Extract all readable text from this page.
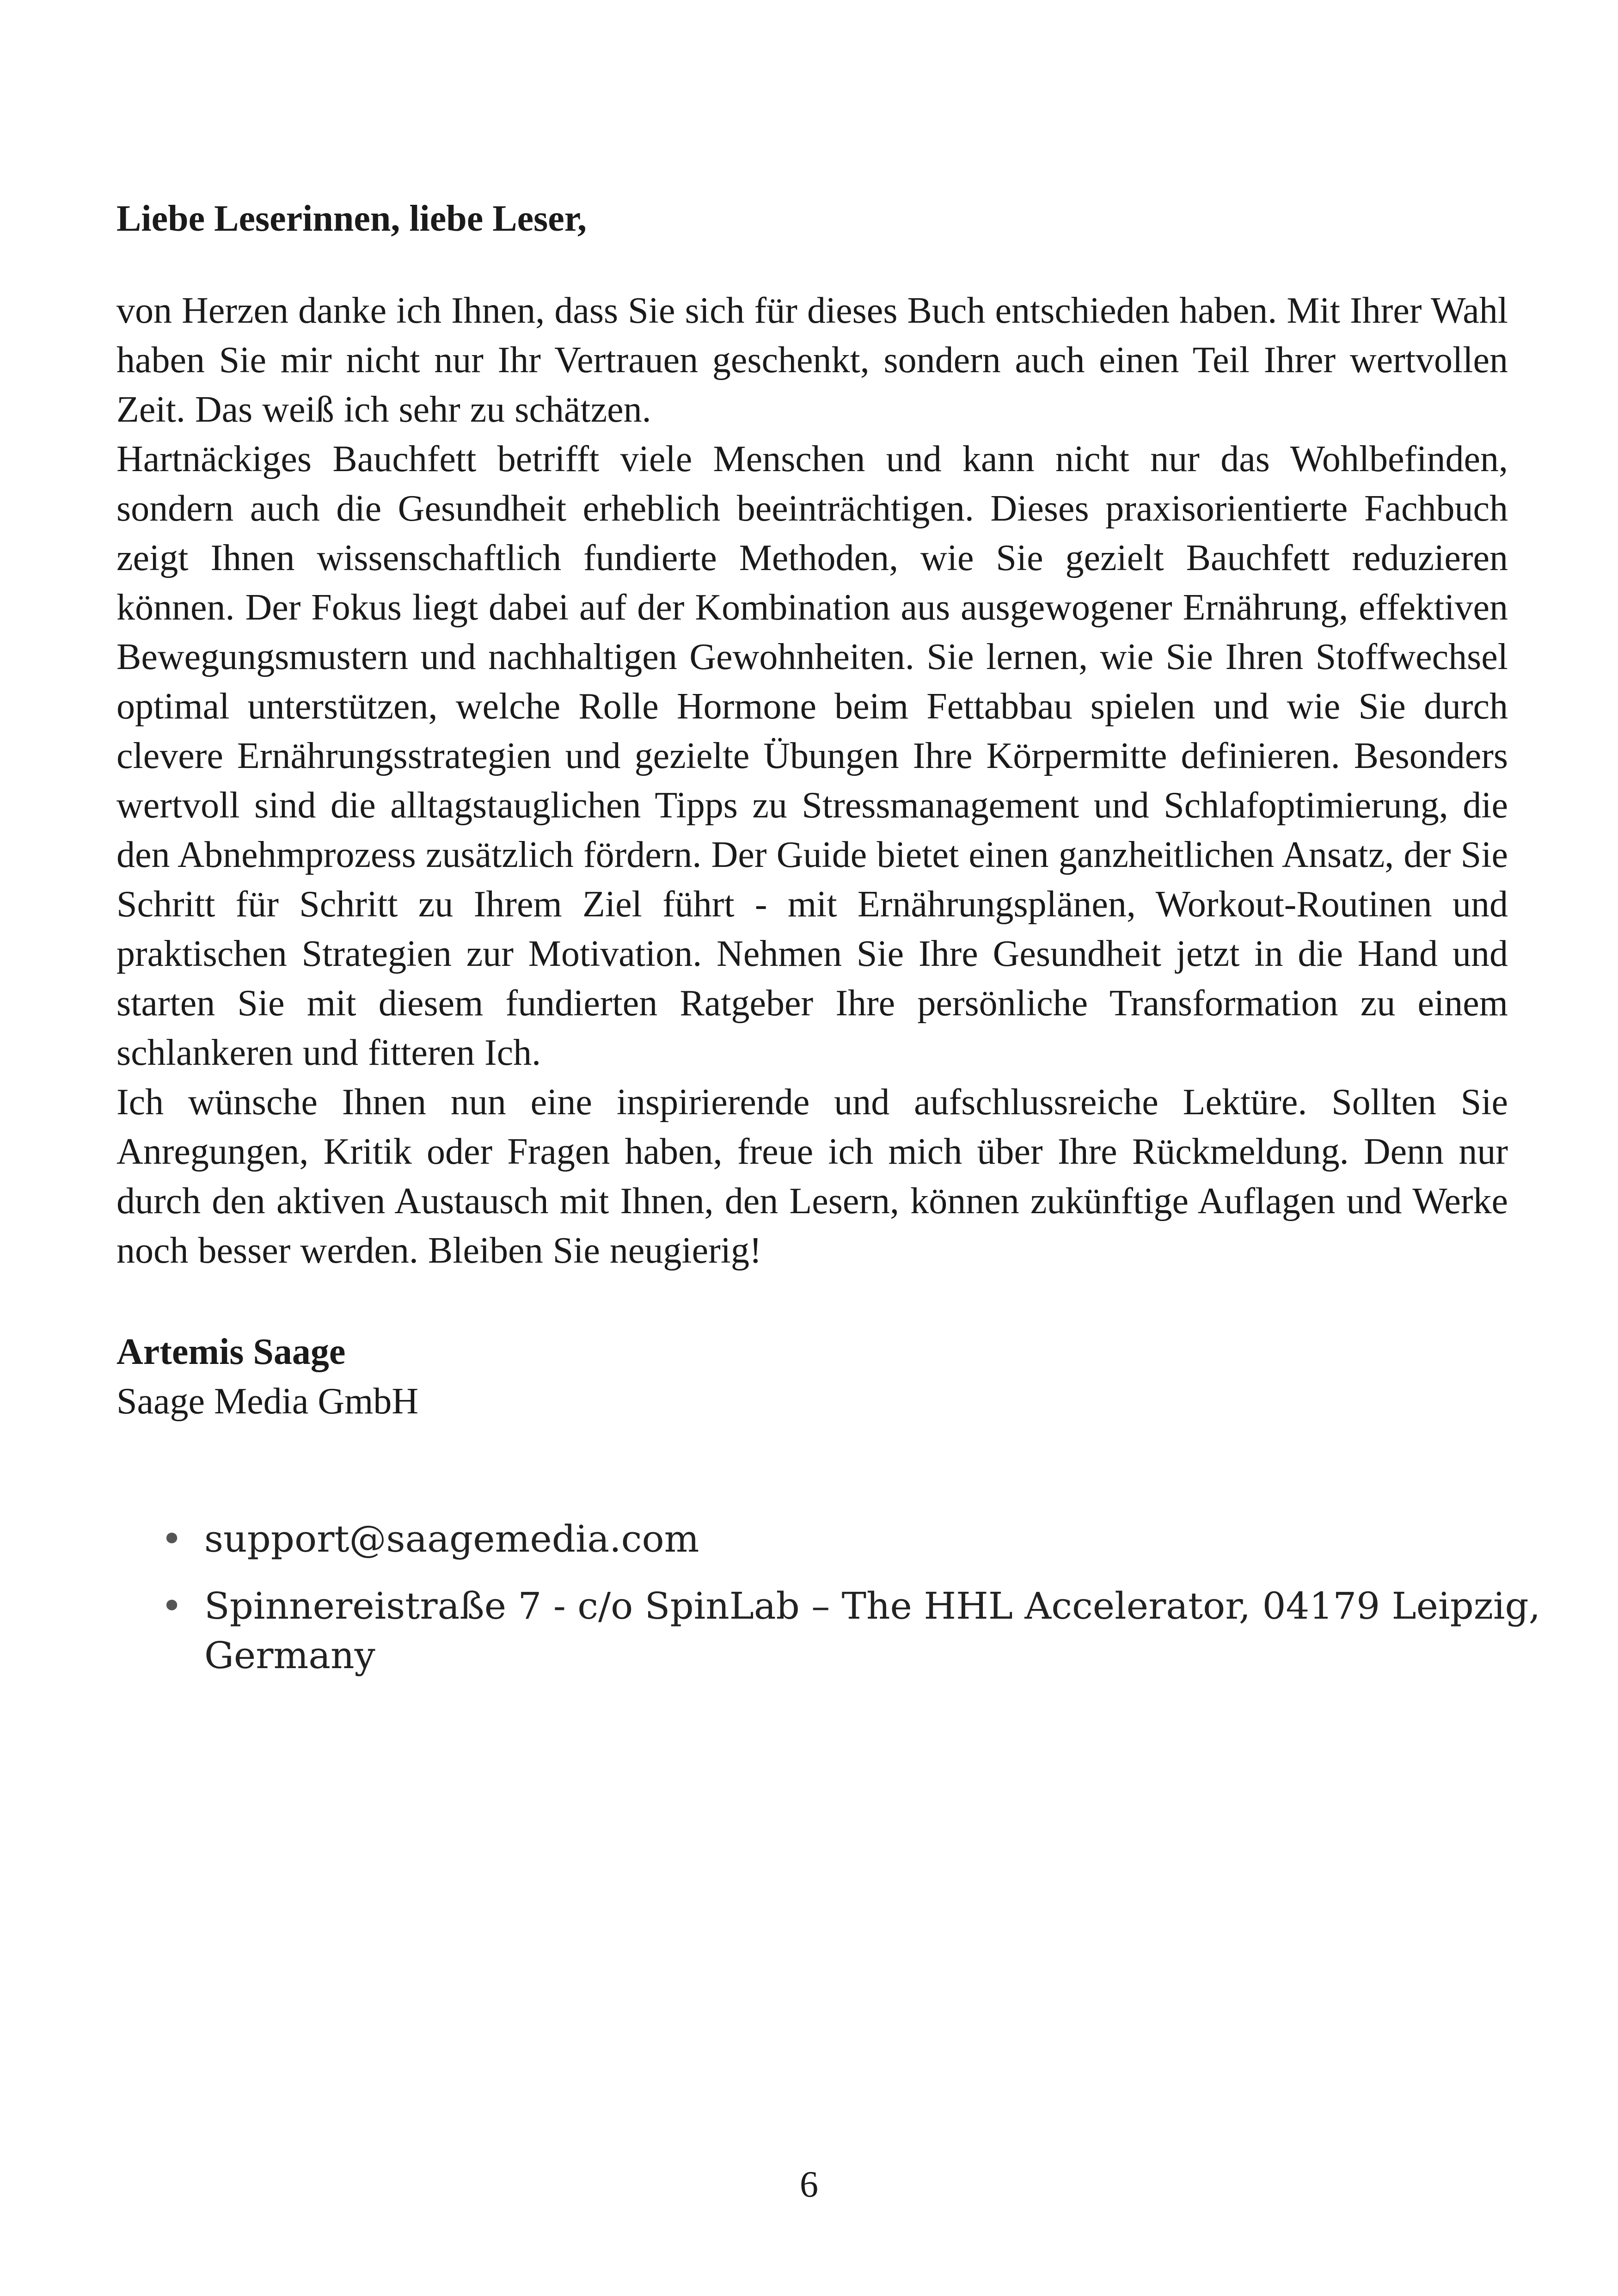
Liebe Leserinnen, liebe Leser,

von Herzen danke ich Ihnen, dass Sie sich für dieses Buch entschieden haben. Mit Ihrer Wahl haben Sie mir nicht nur Ihr Vertrauen geschenkt, sondern auch einen Teil Ihrer wertvollen Zeit. Das weiß ich sehr zu schätzen.

Hartnäckiges Bauchfett betrifft viele Menschen und kann nicht nur das Wohlbefinden, sondern auch die Gesundheit erheblich beeinträchtigen. Dieses praxisorientierte Fachbuch zeigt Ihnen wissenschaftlich fundierte Methoden, wie Sie gezielt Bauchfett reduzieren können. Der Fokus liegt dabei auf der Kombination aus ausgewogener Ernährung, effektiven Bewegungsmustern und nachhaltigen Gewohnheiten. Sie lernen, wie Sie Ihren Stoffwechsel optimal unterstützen, welche Rolle Hormone beim Fettabbau spielen und wie Sie durch clevere Ernährungsstrategien und gezielte Übungen Ihre Körpermitte definieren. Besonders wertvoll sind die alltagstauglichen Tipps zu Stressmanagement und Schlafoptimierung, die den Abnehmprozess zusätzlich fördern. Der Guide bietet einen ganzheitlichen Ansatz, der Sie Schritt für Schritt zu Ihrem Ziel führt - mit Ernährungsplänen, Workout-Routinen und praktischen Strategien zur Motivation. Nehmen Sie Ihre Gesundheit jetzt in die Hand und starten Sie mit diesem fundierten Ratgeber Ihre persönliche Transformation zu einem schlankeren und fitteren Ich.

Ich wünsche Ihnen nun eine inspirierende und aufschlussreiche Lektüre. Sollten Sie Anregungen, Kritik oder Fragen haben, freue ich mich über Ihre Rückmeldung. Denn nur durch den aktiven Austausch mit Ihnen, den Lesern, können zukünftige Auflagen und Werke noch besser werden. Bleiben Sie neugierig!

Artemis Saage

Saage Media GmbH

• support@saagemedia.com
• Spinnereistraße 7 - c/o SpinLab – The HHL Accelerator, 04179 Leipzig, Germany
6
